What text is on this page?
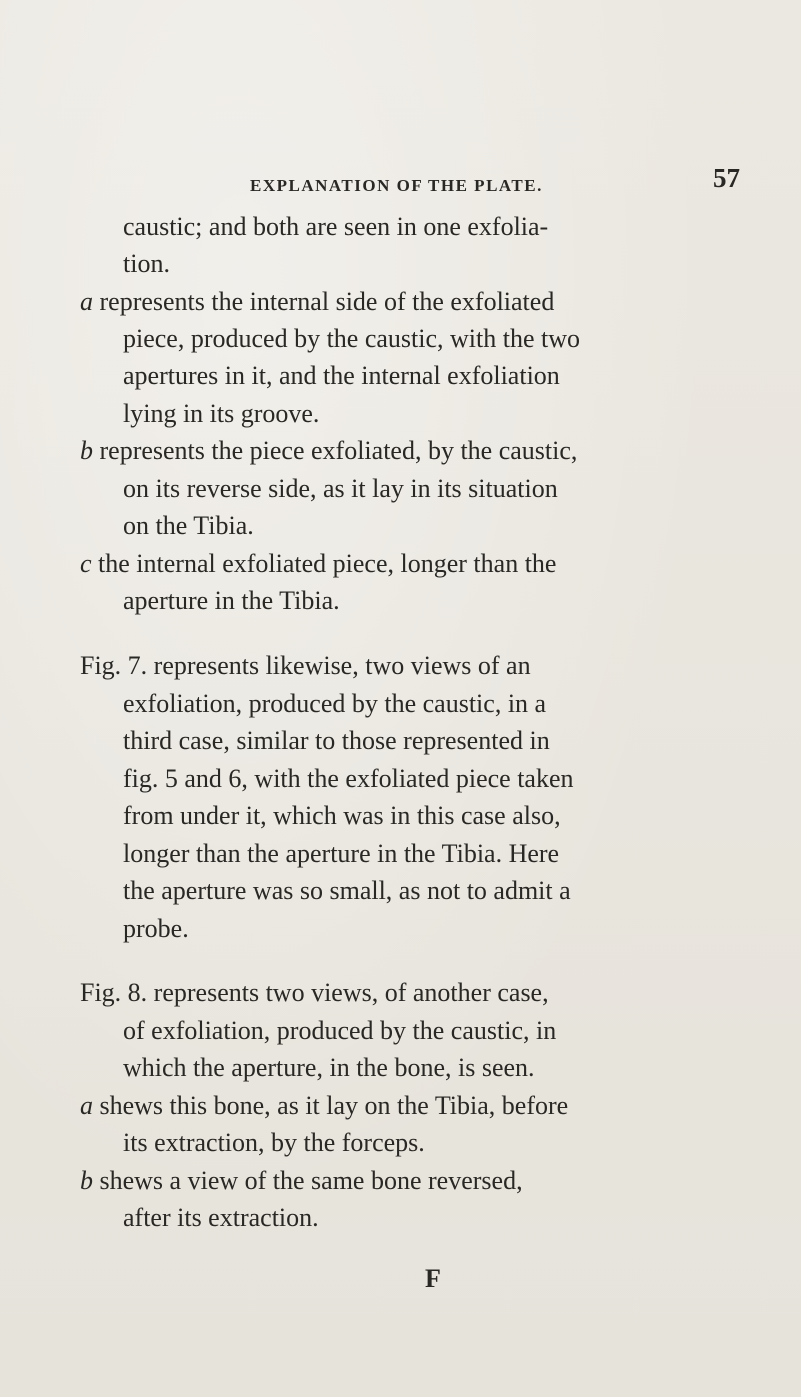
EXPLANATION OF THE PLATE.	57
caustic; and both are seen in one exfolia-
tion.
a represents the internal side of the exfoliated
piece, produced by the caustic, with the two
apertures in it, and the internal exfoliation
lying in its groove.
b represents the piece exfoliated, by the caustic,
on its reverse side, as it lay in its situation
on the Tibia.
c the internal exfoliated piece, longer than the
aperture in the Tibia.
Fig. 7. represents likewise, two views of an
exfoliation, produced by the caustic, in a
third case, similar to those represented in
fig. 5 and 6, with the exfoliated piece taken
from under it, which was in this case also,
longer than the aperture in the Tibia. Here
the aperture was so small, as not to admit a
probe.
Fig. 8. represents two views, of another case,
of exfoliation, produced by the caustic, in
which the aperture, in the bone, is seen.
a shews this bone, as it lay on the Tibia, before
its extraction, by the forceps.
b shews a view of the same bone reversed,
after its extraction.
F
